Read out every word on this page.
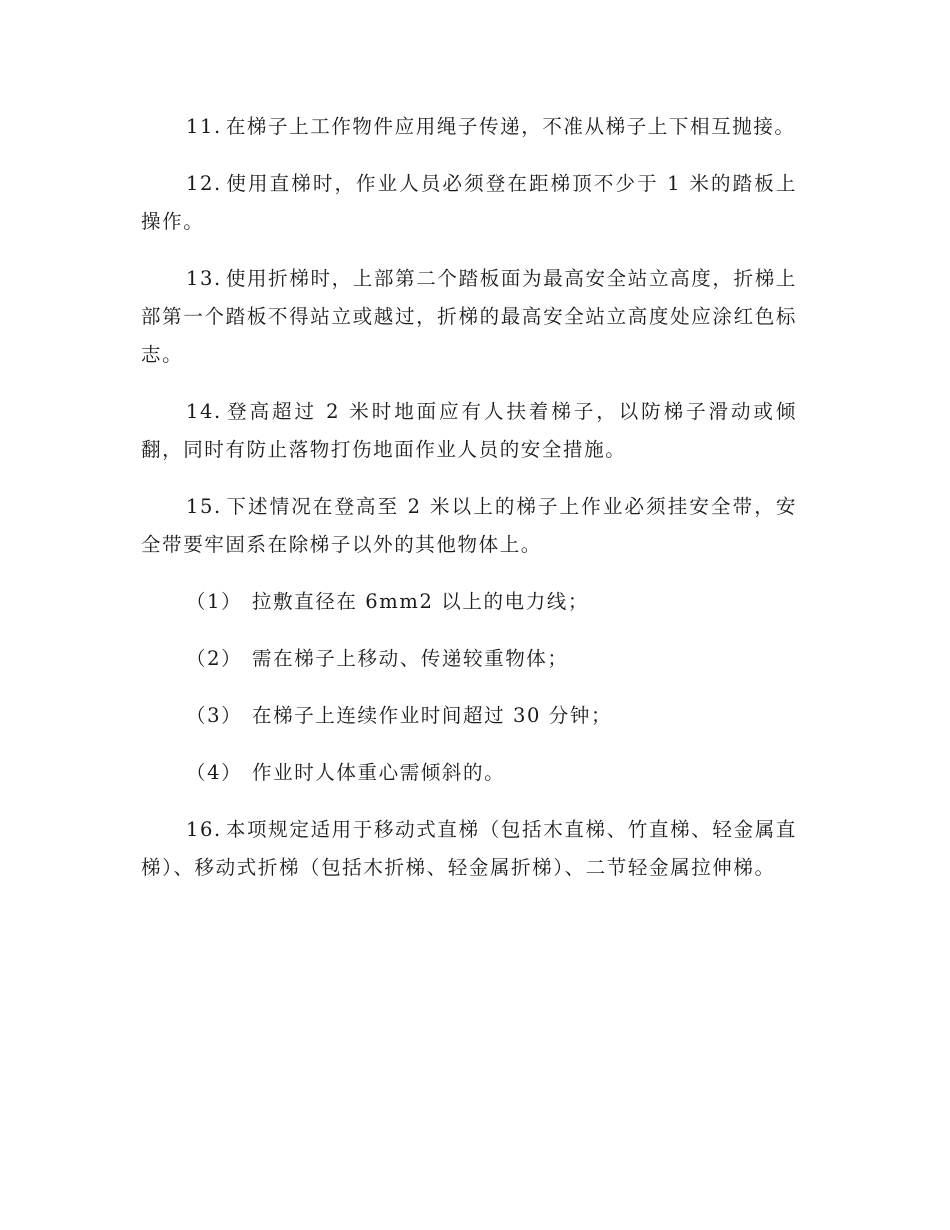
11. 在梯子上工作物件应用绳子传递，不准从梯子上下相互抛接。

12. 使用直梯时，作业人员必须登在距梯顶不少于 1 米的踏板上操作。

13. 使用折梯时，上部第二个踏板面为最高安全站立高度，折梯上部第一个踏板不得站立或越过，折梯的最高安全站立高度处应涂红色标志。

14. 登高超过 2 米时地面应有人扶着梯子，以防梯子滑动或倾翻，同时有防止落物打伤地面作业人员的安全措施。

15. 下述情况在登高至 2 米以上的梯子上作业必须挂安全带，安全带要牢固系在除梯子以外的其他物体上。

（1） 拉敷直径在 6mm2 以上的电力线；
（2） 需在梯子上移动、传递较重物体；
（3） 在梯子上连续作业时间超过 30 分钟；
（4） 作业时人体重心需倾斜的。

16. 本项规定适用于移动式直梯（包括木直梯、竹直梯、轻金属直梯）、移动式折梯（包括木折梯、轻金属折梯）、二节轻金属拉伸梯。
